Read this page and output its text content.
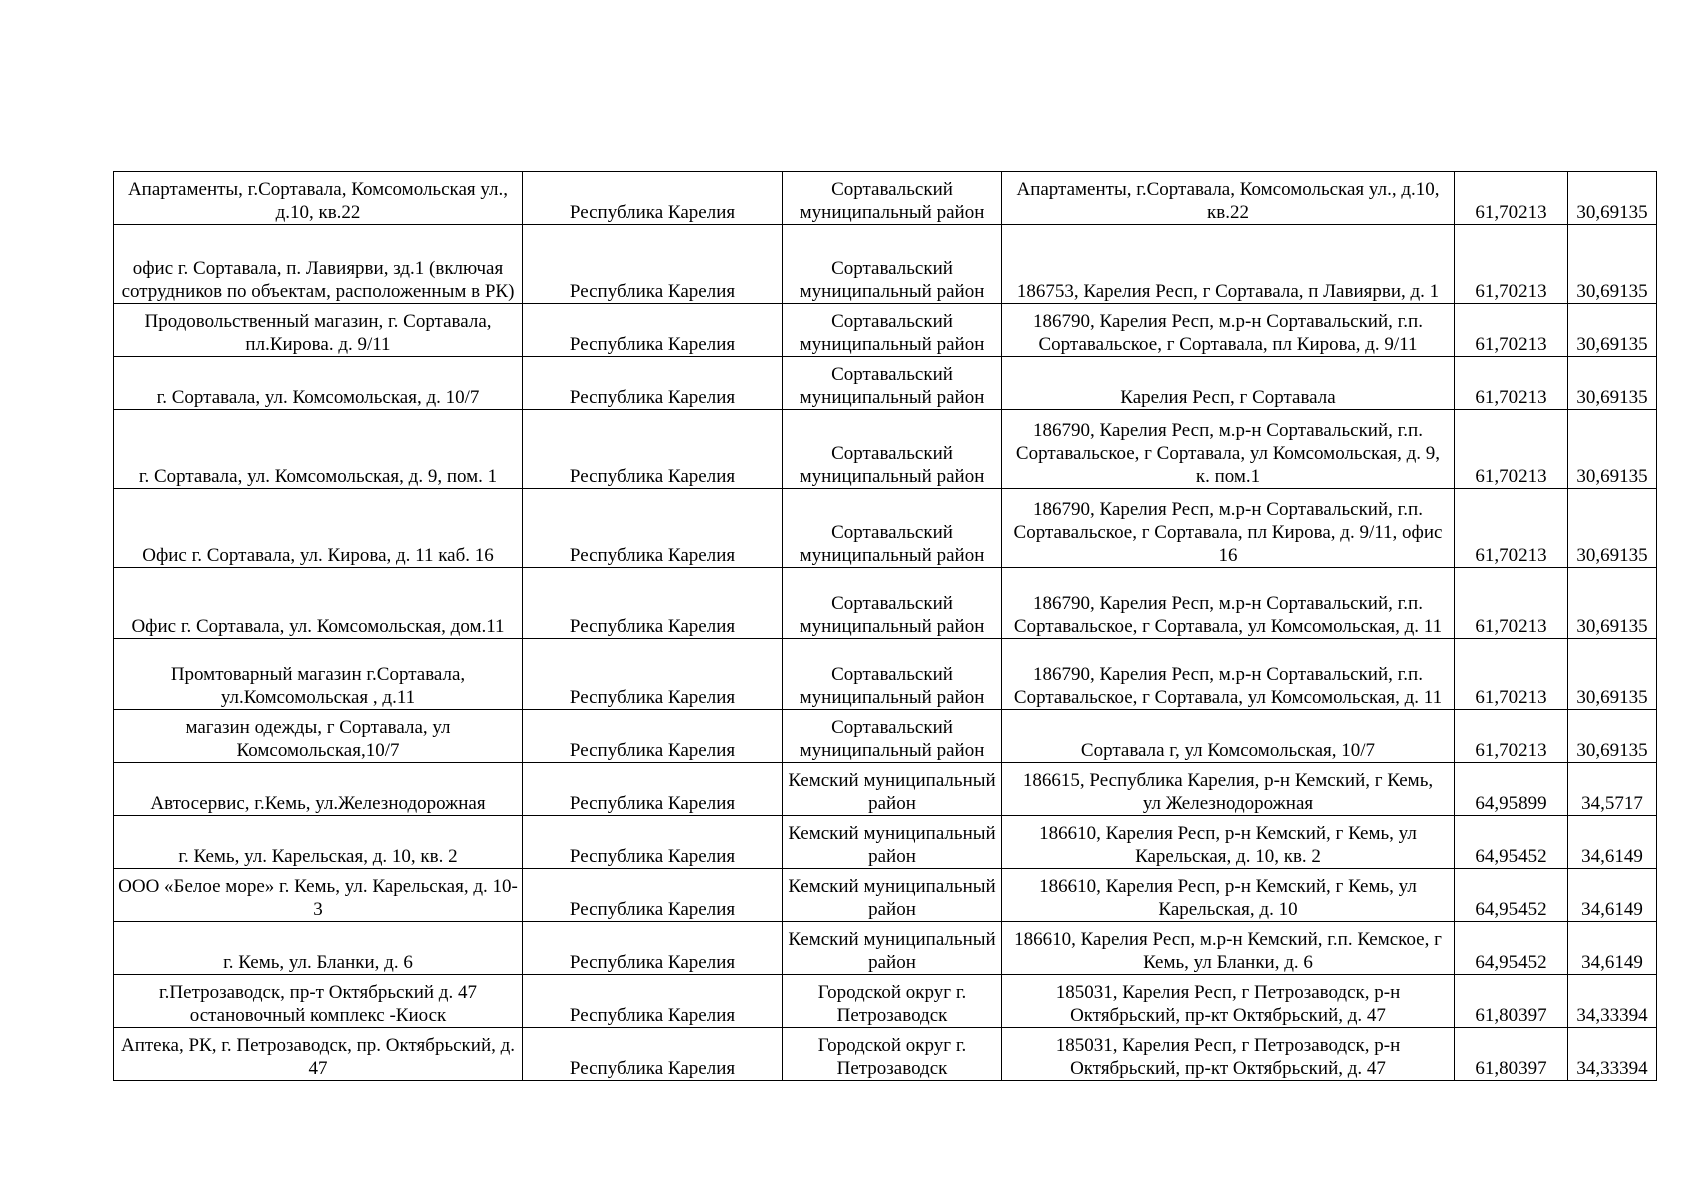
Апартаменты, г.Сортавала, Комсомольская ул., д.10, кв.22	Республика Карелия	Сортавальский муниципальный район	Апартаменты, г.Сортавала, Комсомольская ул., д.10, кв.22	61,70213	30,69135
офис г. Сортавала, п. Лавиярви, зд.1 (включая сотрудников по объектам, расположенным в РК)	Республика Карелия	Сортавальский муниципальный район	186753, Карелия Респ, г Сортавала, п Лавиярви, д. 1	61,70213	30,69135
Продовольственный магазин, г. Сортавала, пл.Кирова. д. 9/11	Республика Карелия	Сортавальский муниципальный район	186790, Карелия Респ, м.р-н Сортавальский, г.п. Сортавальское, г Сортавала, пл Кирова, д. 9/11	61,70213	30,69135
г. Сортавала, ул. Комсомольская, д. 10/7	Республика Карелия	Сортавальский муниципальный район	Карелия Респ, г Сортавала	61,70213	30,69135
г. Сортавала, ул. Комсомольская, д. 9, пом. 1	Республика Карелия	Сортавальский муниципальный район	186790, Карелия Респ, м.р-н Сортавальский, г.п. Сортавальское, г Сортавала, ул Комсомольская, д. 9, к. пом.1	61,70213	30,69135
Офис г. Сортавала, ул. Кирова, д. 11 каб. 16	Республика Карелия	Сортавальский муниципальный район	186790, Карелия Респ, м.р-н Сортавальский, г.п. Сортавальское, г Сортавала, пл Кирова, д. 9/11, офис 16	61,70213	30,69135
Офис г. Сортавала, ул. Комсомольская, дом.11	Республика Карелия	Сортавальский муниципальный район	186790, Карелия Респ, м.р-н Сортавальский, г.п. Сортавальское, г Сортавала, ул Комсомольская, д. 11	61,70213	30,69135
Промтоварный магазин г.Сортавала, ул.Комсомольская , д.11	Республика Карелия	Сортавальский муниципальный район	186790, Карелия Респ, м.р-н Сортавальский, г.п. Сортавальское, г Сортавала, ул Комсомольская, д. 11	61,70213	30,69135
магазин одежды, г Сортавала, ул Комсомольская,10/7	Республика Карелия	Сортавальский муниципальный район	Сортавала г, ул Комсомольская, 10/7	61,70213	30,69135
Автосервис, г.Кемь, ул.Железнодорожная	Республика Карелия	Кемский муниципальный район	186615, Республика Карелия, р-н Кемский, г Кемь, ул Железнодорожная	64,95899	34,5717
г. Кемь, ул. Карельская, д. 10, кв. 2	Республика Карелия	Кемский муниципальный район	186610, Карелия Респ, р-н Кемский, г Кемь, ул Карельская, д. 10, кв. 2	64,95452	34,6149
ООО «Белое море» г. Кемь, ул. Карельская, д. 10-3	Республика Карелия	Кемский муниципальный район	186610, Карелия Респ, р-н Кемский, г Кемь, ул Карельская, д. 10	64,95452	34,6149
г. Кемь, ул. Бланки, д. 6	Республика Карелия	Кемский муниципальный район	186610, Карелия Респ, м.р-н Кемский, г.п. Кемское, г Кемь, ул Бланки, д. 6	64,95452	34,6149
г.Петрозаводск, пр-т Октябрьский д. 47 остановочный комплекс -Киоск	Республика Карелия	Городской округ г. Петрозаводск	185031, Карелия Респ, г Петрозаводск, р-н Октябрьский, пр-кт Октябрьский, д. 47	61,80397	34,33394
Аптека, РК, г. Петрозаводск, пр. Октябрьский, д. 47	Республика Карелия	Городской округ г. Петрозаводск	185031, Карелия Респ, г Петрозаводск, р-н Октябрьский, пр-кт Октябрьский, д. 47	61,80397	34,33394
